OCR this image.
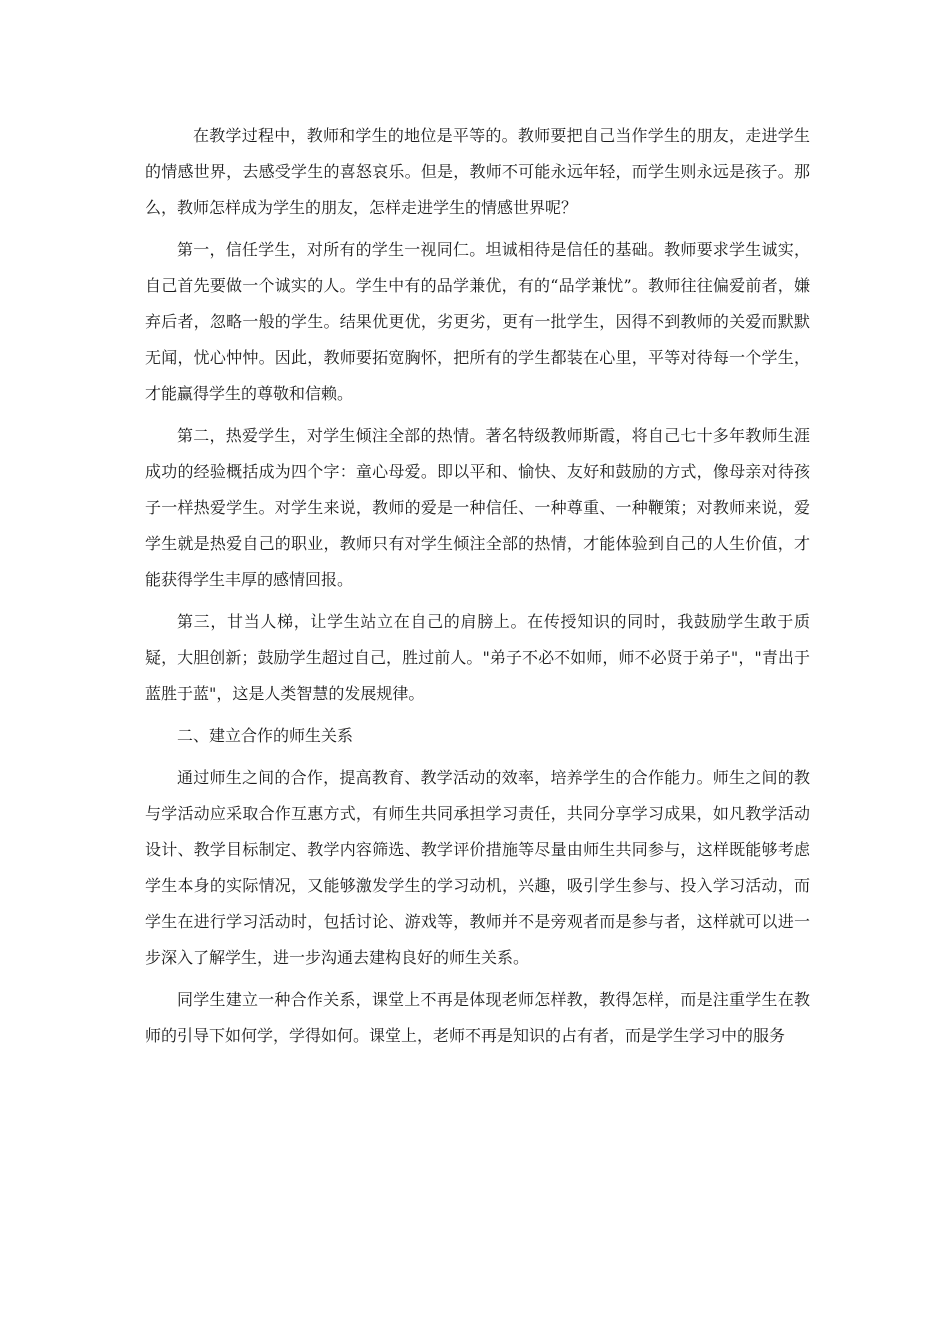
在教学过程中，教师和学生的地位是平等的。教师要把自己当作学生的朋友，走进学生的情感世界，去感受学生的喜怒哀乐。但是，教师不可能永远年轻，而学生则永远是孩子。那么，教师怎样成为学生的朋友，怎样走进学生的情感世界呢？

第一，信任学生，对所有的学生一视同仁。坦诚相待是信任的基础。教师要求学生诚实，自己首先要做一个诚实的人。学生中有的品学兼优，有的“品学兼忧”。教师往往偏爱前者，嫌弃后者，忽略一般的学生。结果优更优，劣更劣，更有一批学生，因得不到教师的关爱而默默无闻，忧心忡忡。因此，教师要拓宽胸怀，把所有的学生都装在心里，平等对待每一个学生，才能赢得学生的尊敬和信赖。

第二，热爱学生，对学生倾注全部的热情。著名特级教师斯霞，将自己七十多年教师生涯成功的经验概括成为四个字：童心母爱。即以平和、愉快、友好和鼓励的方式，像母亲对待孩子一样热爱学生。对学生来说，教师的爱是一种信任、一种尊重、一种鞭策；对教师来说，爱学生就是热爱自己的职业，教师只有对学生倾注全部的热情，才能体验到自己的人生价值，才能获得学生丰厚的感情回报。

第三，甘当人梯，让学生站立在自己的肩膀上。在传授知识的同时，我鼓励学生敢于质疑，大胆创新；鼓励学生超过自己，胜过前人。"弟子不必不如师，师不必贤于弟子"，"青出于蓝胜于蓝"，这是人类智慧的发展规律。

二、建立合作的师生关系

通过师生之间的合作，提高教育、教学活动的效率，培养学生的合作能力。师生之间的教与学活动应采取合作互惠方式，有师生共同承担学习责任，共同分享学习成果，如凡教学活动设计、教学目标制定、教学内容筛选、教学评价措施等尽量由师生共同参与，这样既能够考虑学生本身的实际情况，又能够激发学生的学习动机，兴趣，吸引学生参与、投入学习活动，而学生在进行学习活动时，包括讨论、游戏等，教师并不是旁观者而是参与者，这样就可以进一步深入了解学生，进一步沟通去建构良好的师生关系。

同学生建立一种合作关系，课堂上不再是体现老师怎样教，教得怎样，而是注重学生在教师的引导下如何学，学得如何。课堂上，老师不再是知识的占有者，而是学生学习中的服务
